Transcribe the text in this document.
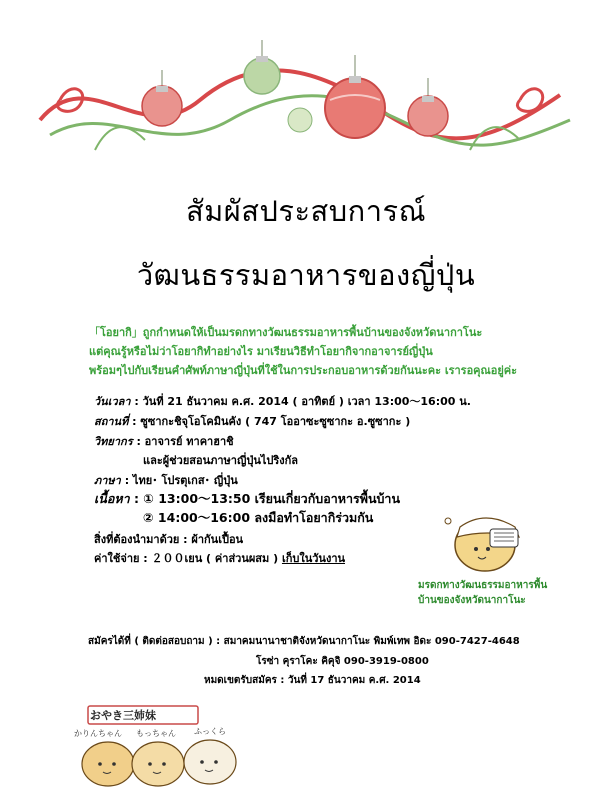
สัมผัสประสบการณ์
วัฒนธรรมอาหารของญี่ปุ่น
「โอยากิ」ถูกกำหนดให้เป็นมรดกทางวัฒนธรรมอาหารพื้นบ้านของจังหวัดนากาโนะ
แต่คุณรู้หรือไม่ว่าโอยากิทำอย่างไร มาเรียนวิธีทำโอยากิจากอาจารย์ญี่ปุ่น
พร้อมๆไปกับเรียนคำศัพท์ภาษาญี่ปุ่นที่ใช้ในการประกอบอาหารด้วยกันนะคะ เรารอคุณอยู่ค่ะ
วันเวลา : วันที่ 21 ธันวาคม ค.ศ. 2014 ( อาทิตย์ ) เวลา 13:00～16:00 น.
สถานที่ : ซูซากะชิจุโอโคมินคัง ( 747 โออาซะซูซากะ อ.ซูซากะ )
วิทยากร : อาจารย์ ทาคาฮาชิ
และผู้ช่วยสอนภาษาญี่ปุ่นไปริงกัล
ภาษา : ไทย･ โปรตุเกส･ ญี่ปุ่น
เนื้อหา : ① 13:00～13:50 เรียนเกี่ยวกับอาหารพื้นบ้าน
② 14:00～16:00 ลงมือทำโอยากิร่วมกัน
สิ่งที่ต้องนำมาด้วย : ผ้ากันเปื้อน
ค่าใช้จ่าย : ２００เยน ( ค่าส่วนผสม ) เก็บในวันงาน
มรดกทางวัฒนธรรมอาหารพื้น
บ้านของจังหวัดนากาโนะ
สมัครได้ที่ ( ติดต่อสอบถาม ) : สมาคมนานาชาติจังหวัดนากาโนะ พิมพ์เทพ อิดะ 090-7427-4648
โรซ่า คุราโคะ คิคุจิ 090-3919-0800
หมดเขตรับสมัคร : วันที่ 17 ธันวาคม ค.ศ. 2014
おやき三姉妹
かりんちゃん もっちゃん ふっくら
